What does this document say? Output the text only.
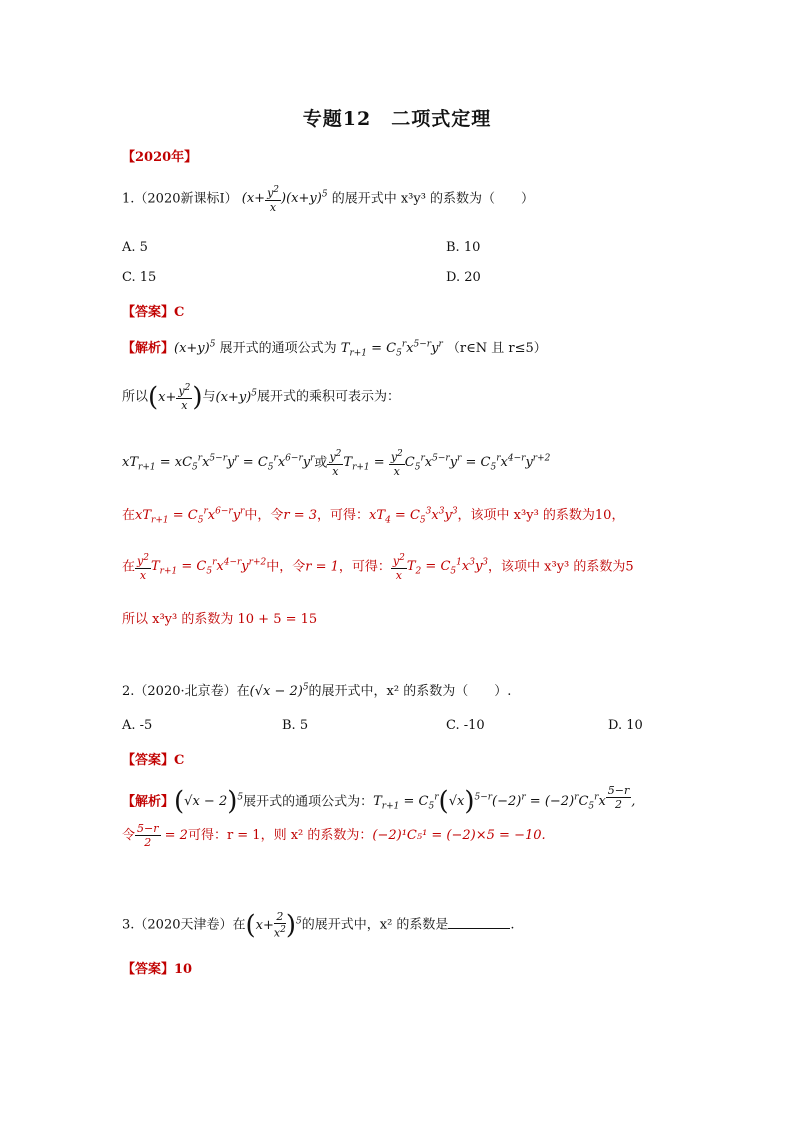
专题12　二项式定理
【2020年】
1.（2020新课标Ⅰ） $(x+ \frac{y^2}{x} )(x+y)^5$ 的展开式中 x³y³ 的系数为（　　）
A. 5	B. 10
C. 15	D. 20
【答案】C
【解析】$(x+y)^5$ 展开式的通项公式为 $T_{r+1} = C_5^rx^{5-r}y^r$ （r∈N 且 r≤5）
所以($x+ \frac{y^2}{x}$ )与$(x+y)^5$展开式的乘积可表示为：
$xT_{r+1} = xC_5^rx^{5-r}y^r = C_5^rx^{6-r}y^r$或 $\frac{y^2}{x} T_{r+1} = \frac{y^2}{x} C_5^rx^{5-r}y^r = C_5^rx^{4-r}y^{r+2}$
在$xT_{r+1} = C_5^rx^{6-r}y^r$中，令r = 3，可得：$xT_4 = C_5^3x^3y^3$，该项中 x³y³ 的系数为10，
在 $\frac{y^2}{x} T_{r+1} = C_5^rx^{4-r}y^{r+2}$中，令r = 1，可得： $\frac{y^2}{x} T_2 = C_5^1x^3y^3$，该项中 x³y³ 的系数为5
所以 x³y³ 的系数为 10 + 5 = 15
2.（2020·北京卷）在$(√x - 2)^5$的展开式中，x² 的系数为（　　）.
A. -5	B. 5	C. -10	D. 10
【答案】C
【解析】$(√x - 2)^5$展开式的通项公式为：$T_{r+1} = C_5^r(√x)^{5-r}(-2)^r = (-2)^rC_5^rx$ $^{\frac{5-r}{2}}$ ,
令 $\frac{5-r}{2} = 2$可得：r = 1，则 x² 的系数为：(−2)¹C₅¹ = (−2)×5 = −10.
3.（2020天津卷）在$(x+ \frac{2}{x^2} )^5$的展开式中，x² 的系数是	.
【答案】10
